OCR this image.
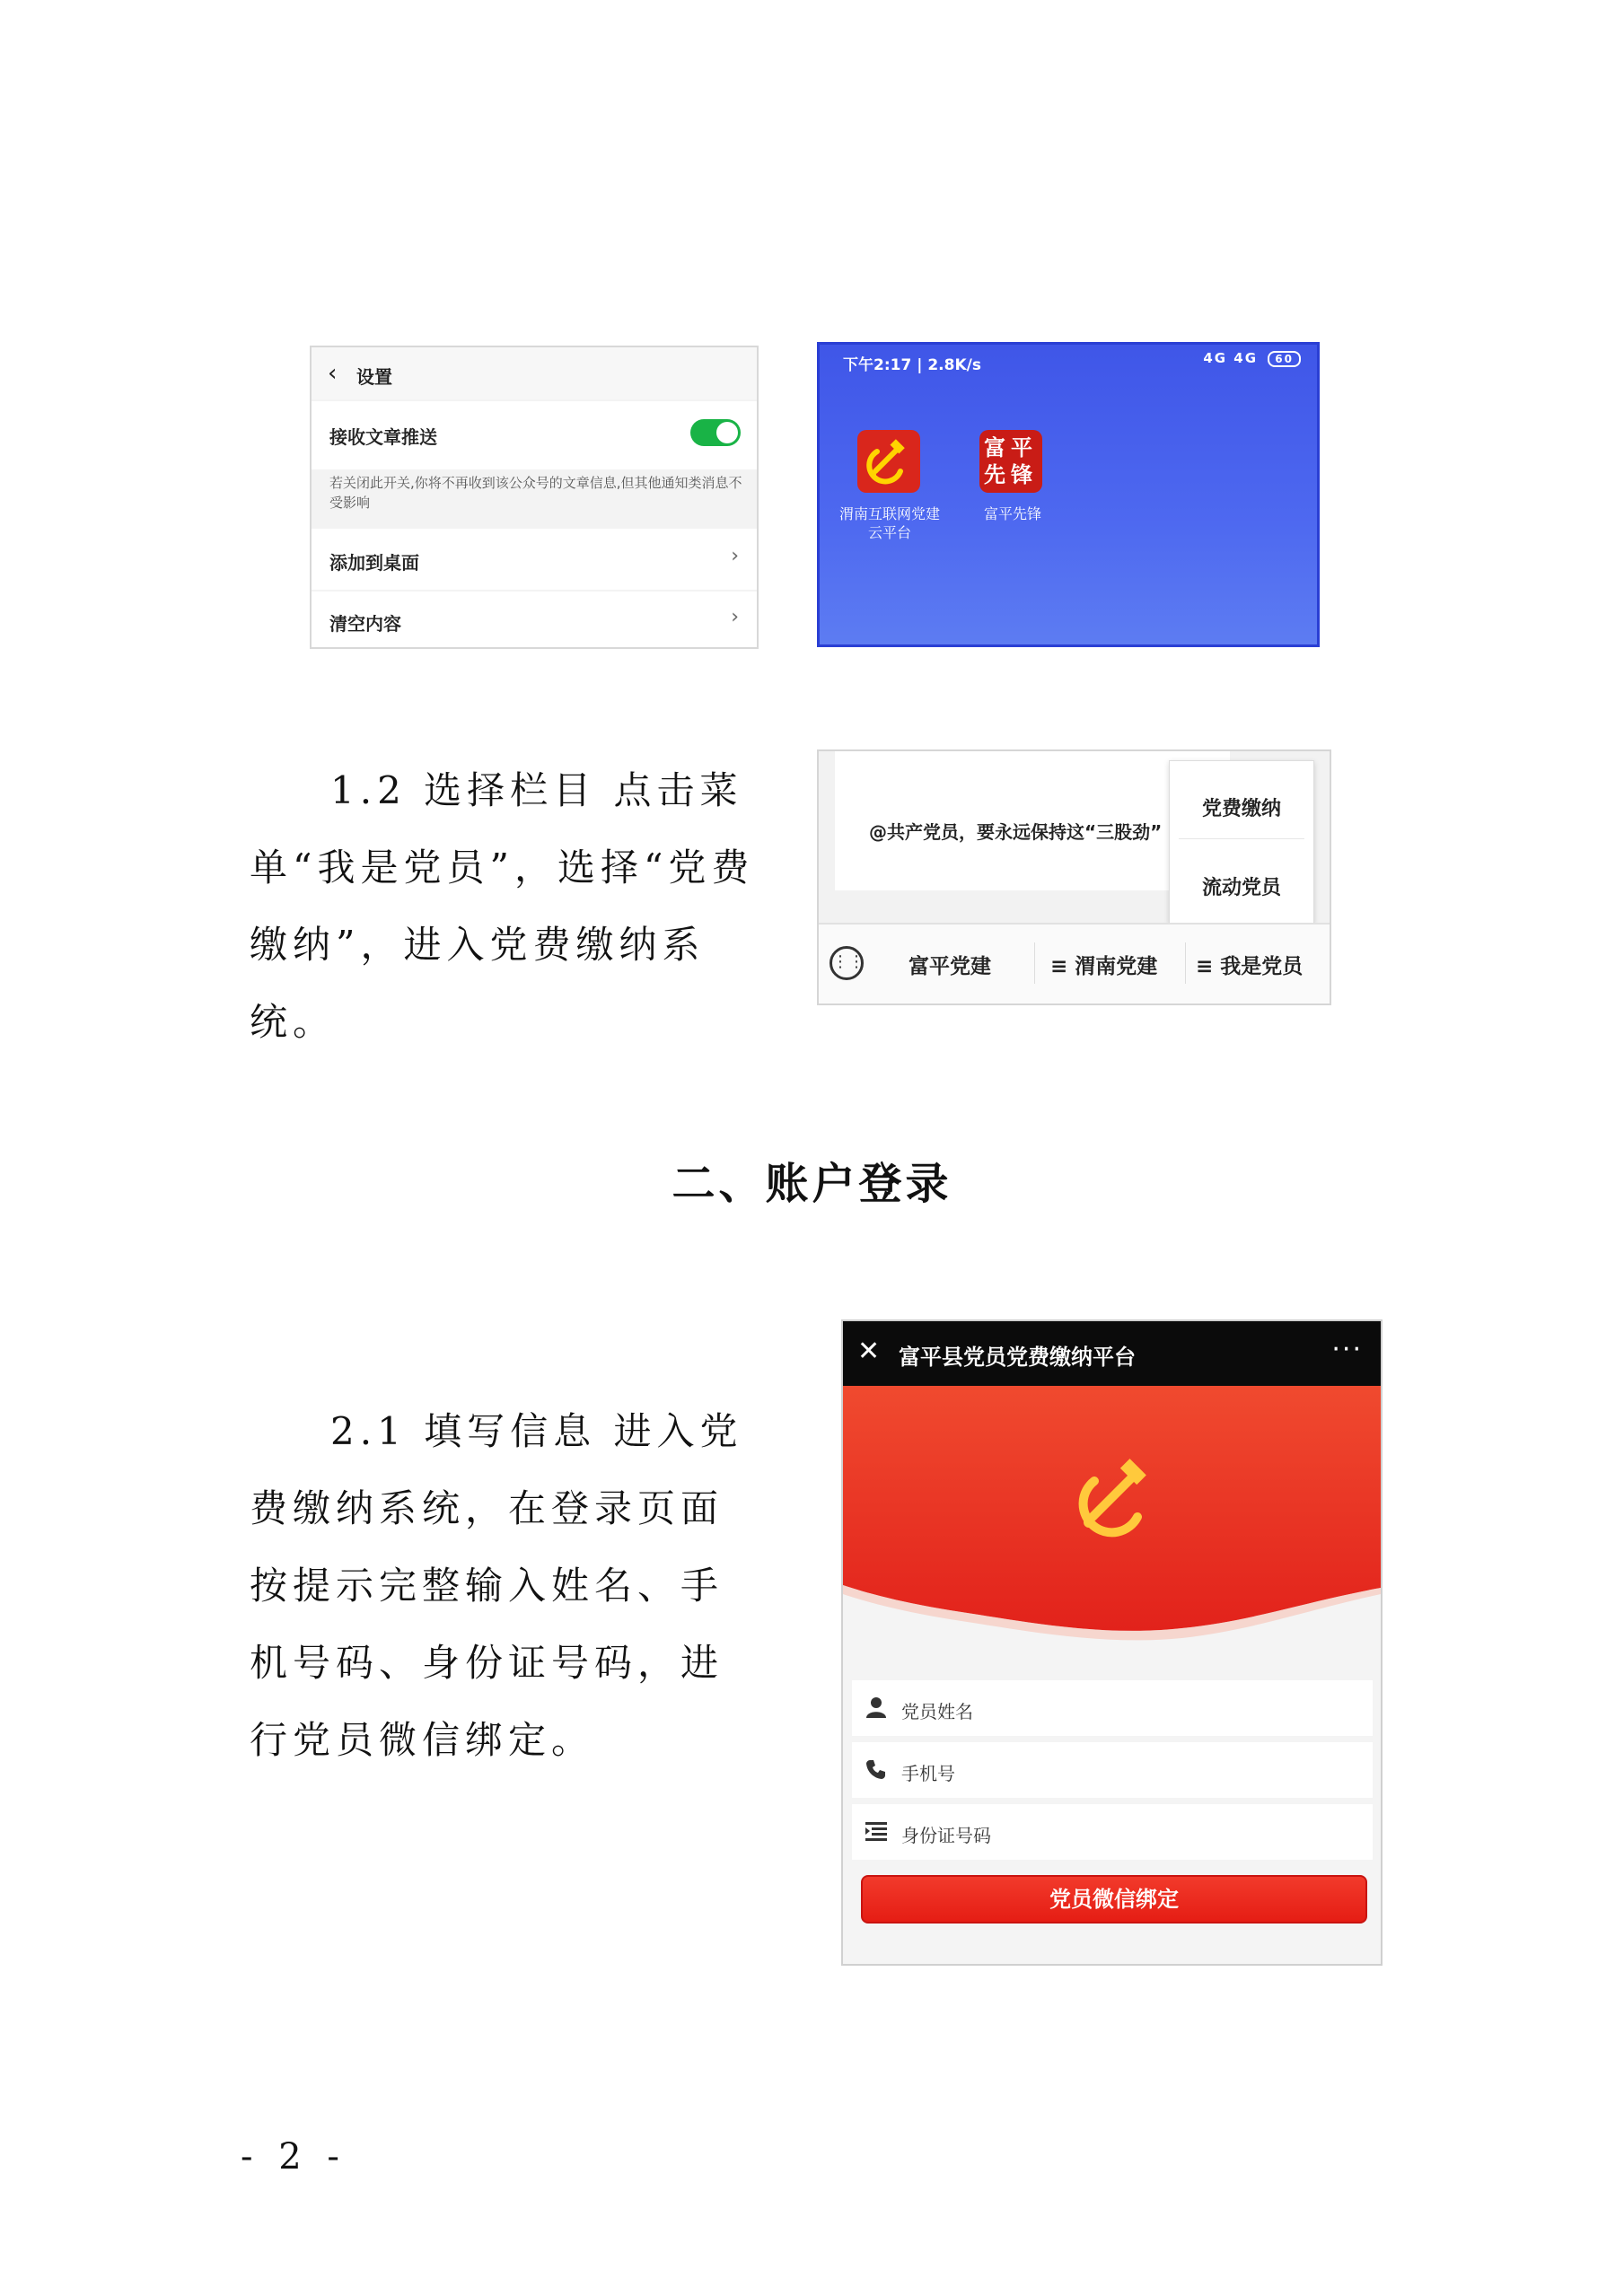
‹ 设置
接收文章推送
若关闭此开关,你将不再收到该公众号的文章信息,但其他通知类消息不受影响
添加到桌面	›
清空内容	›
下午2:17 | 2.8K/s	4G 4G 60
渭南互联网党建云平台
富平先锋
富平先锋
1.2 选择栏目 点击菜单“我是党员”，选择“党费缴纳”，进入党费缴纳系统。
@共产党员，要永远保持这“三股劲”
党费缴纳
流动党员
⋮⋮ 富平党建	≡ 渭南党建 ≡ 我是党员
二、账户登录
2.1 填写信息 进入党费缴纳系统，在登录页面按提示完整输入姓名、手机号码、身份证号码，进行党员微信绑定。
✕ 富平县党员党费缴纳平台	···
党员姓名
手机号
身份证号码
党员微信绑定
- 2 -
